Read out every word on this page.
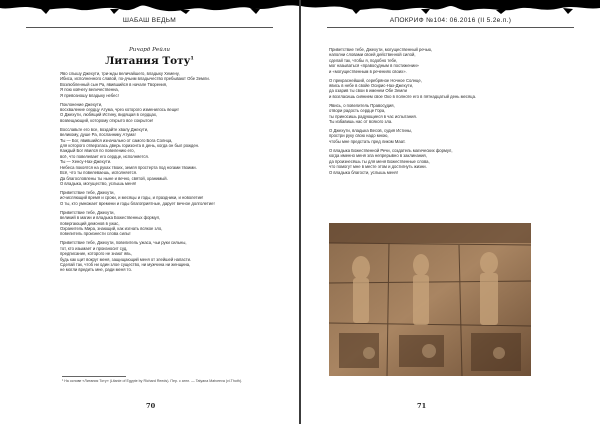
ШАБАШ ВЕДЬМ
Ричард Рейли
Литания Тоту$^1$

Яво слышу Джехути, три-жды величайшего, владыку Хемену,
Ибиса, исполненного славой, по-дчьим владычество пребывают Обе Земли.
Возлюбленный сын Ра, явившийся в начале Творения,
Я пою ковчегу величественна,
Я превозношу владыку небес!

Поклонение Джехути,
восхваление сердцу Атума, чрез которого изменилось вещи!
О Джехути, любящий Истину, видящая в сердцах,
возвещающий, которому открыто все сокрытое!

Восславьте его все, воздайте хвалу Джехути,
великому, душе Ра, посланнику Атума!
Ты — Бог, явившийся изначально от самого Бога Солнца,
для которого отверзлась дверь горизонта в день, когда он был рожден.
Каждый Бог явился по повелению его,
всё, что повелевает его сердце, исполняется.
Ты — Хенсу-Нах-Джехути.
Небеса покоятся на руках твоих, земля простерта под ногами твоими.
Всё, что ты повелеваешь, исполняется.
Да благословлены ты ныне и вечно, святой, хранимый.
О владыка, могущество, услышь меня!

Приветствие тебе, Джехути,
исчисляющий время и сроки, и месяцы и годы, и праздники, и новолетие!
О ты, кто умножает времени и годы благоприятные, дарует вечное долголетие!

Приветствие тебе, Джехути,
великий в магии и владыка Божественных формул,
повергающий демонов в ужас,
Охранитель Мира, знающий, как изгнать всякое зло,
повелитель произнести слова силы!

Приветствие тебе, Джехути, повелитель ужаса, чьи руки сильны,
тот, кто изымает и произносит суд,
предписание, которого не знают явь,
будь как щит вокруг меня, защищающий меня от злейшей напасти.
Сделай так, чтоб ни один злое существо, ни мужчина ни женщина,
не могли вредить мне, ради меня то.

¹ На основе «Литания Тоту» (Litanie of Egypte by Richard Reeds). Пер. с англ. — Tatyana Matveeva (vi.Thoth).
70
АПОКРИФ №104: 06.2016 (II 5.2е.п.)

Приветствие тебе, Джехути, могущественный речью,
наполни словами своей действенной силой,
сделай так, чтобы я, подобно тебе,
мог называться «правосудным в постижении»
и «могущественным в речениях своих».

О прекраснейший, серебряное Ночное Солнце,
явись в небе в свойе Осирис-Нах-Джехути,
да озарив ты свои в именем Обе Земли
и возгласишь сиянием свое Око в полноте его в пятнадцатый день месяца.

Явись, о повелитель Правосудия,
отвори радость сердце Гора,
ты приносишь радующиеся в час испытания.
Ты избавишь нас от всякого зла.

О Джехути, владыка Весов, судия Истины,
простри руку свою надо мною,
чтобы мне предстать пред ликом Маат.

О владыка Божественной Речи, создатель магических формул,
когда именно меня зла непрерывно в заклинания,
да произнесёшь ты для меня Божественные слова,
что помогут мне в месте этом и достигнуть жизни.
О владыка благости, услышь меня!

71
